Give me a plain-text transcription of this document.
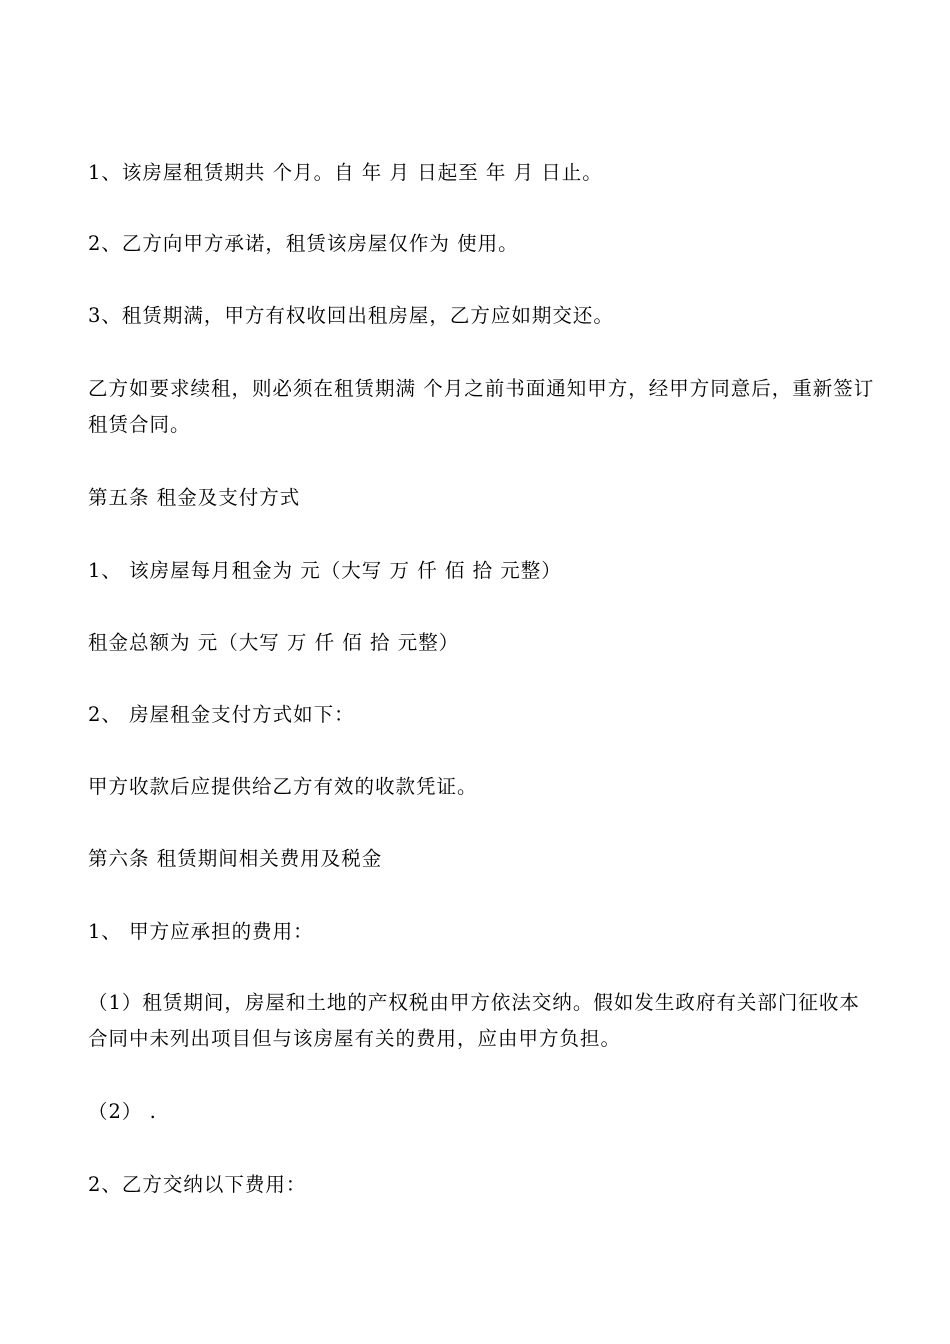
1、该房屋租赁期共 个月。自 年 月 日起至 年 月 日止。

2、乙方向甲方承诺，租赁该房屋仅作为 使用。

3、租赁期满，甲方有权收回出租房屋，乙方应如期交还。

乙方如要求续租，则必须在租赁期满 个月之前书面通知甲方，经甲方同意后，重新签订租赁合同。

第五条 租金及支付方式

1、 该房屋每月租金为 元（大写 万 仟 佰 拾 元整）

租金总额为 元（大写 万 仟 佰 拾 元整）

2、 房屋租金支付方式如下：

甲方收款后应提供给乙方有效的收款凭证。

第六条 租赁期间相关费用及税金

1、 甲方应承担的费用：

（1）租赁期间，房屋和土地的产权税由甲方依法交纳。假如发生政府有关部门征收本合同中未列出项目但与该房屋有关的费用，应由甲方负担。

（2） .

2、乙方交纳以下费用：
